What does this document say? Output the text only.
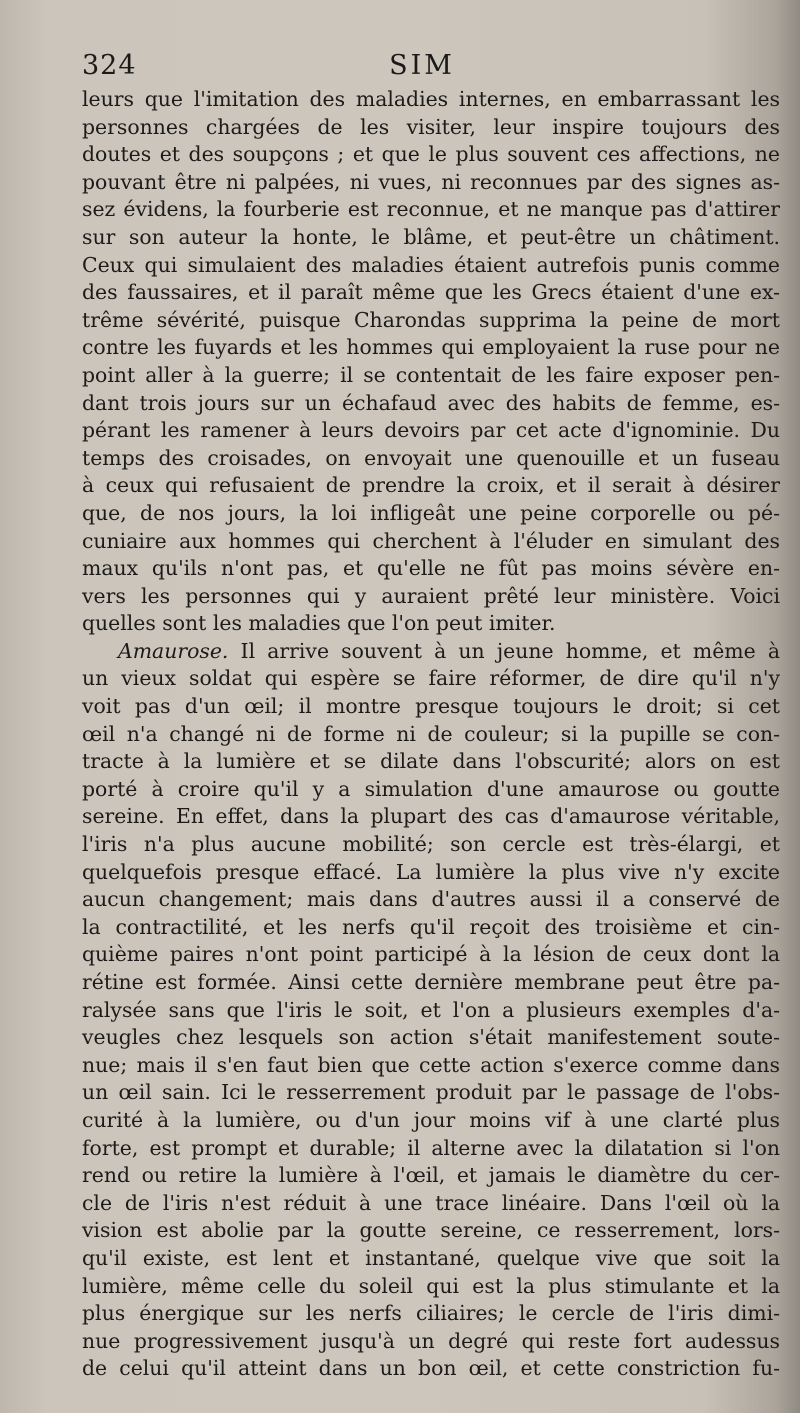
324	SIM
leurs que l'imitation des maladies internes, en embarrassant les
personnes chargées de les visiter, leur inspire toujours des
doutes et des soupçons ; et que le plus souvent ces affections, ne
pouvant être ni palpées, ni vues, ni reconnues par des signes as-
sez évidens, la fourberie est reconnue, et ne manque pas d'attirer
sur son auteur la honte, le blâme, et peut-être un châtiment.
Ceux qui simulaient des maladies étaient autrefois punis comme
des faussaires, et il paraît même que les Grecs étaient d'une ex-
trême sévérité, puisque Charondas supprima la peine de mort
contre les fuyards et les hommes qui employaient la ruse pour ne
point aller à la guerre; il se contentait de les faire exposer pen-
dant trois jours sur un échafaud avec des habits de femme, es-
pérant les ramener à leurs devoirs par cet acte d'ignominie. Du
temps des croisades, on envoyait une quenouille et un fuseau
à ceux qui refusaient de prendre la croix, et il serait à désirer
que, de nos jours, la loi infligeât une peine corporelle ou pé-
cuniaire aux hommes qui cherchent à l'éluder en simulant des
maux qu'ils n'ont pas, et qu'elle ne fût pas moins sévère en-
vers les personnes qui y auraient prêté leur ministère. Voici
quelles sont les maladies que l'on peut imiter.
Amaurose. Il arrive souvent à un jeune homme, et même à
un vieux soldat qui espère se faire réformer, de dire qu'il n'y
voit pas d'un œil; il montre presque toujours le droit; si cet
œil n'a changé ni de forme ni de couleur; si la pupille se con-
tracte à la lumière et se dilate dans l'obscurité; alors on est
porté à croire qu'il y a simulation d'une amaurose ou goutte
sereine. En effet, dans la plupart des cas d'amaurose véritable,
l'iris n'a plus aucune mobilité; son cercle est très-élargi, et
quelquefois presque effacé. La lumière la plus vive n'y excite
aucun changement; mais dans d'autres aussi il a conservé de
la contractilité, et les nerfs qu'il reçoit des troisième et cin-
quième paires n'ont point participé à la lésion de ceux dont la
rétine est formée. Ainsi cette dernière membrane peut être pa-
ralysée sans que l'iris le soit, et l'on a plusieurs exemples d'a-
veugles chez lesquels son action s'était manifestement soute-
nue; mais il s'en faut bien que cette action s'exerce comme dans
un œil sain. Ici le resserrement produit par le passage de l'obs-
curité à la lumière, ou d'un jour moins vif à une clarté plus
forte, est prompt et durable; il alterne avec la dilatation si l'on
rend ou retire la lumière à l'œil, et jamais le diamètre du cer-
cle de l'iris n'est réduit à une trace linéaire. Dans l'œil où la
vision est abolie par la goutte sereine, ce resserrement, lors-
qu'il existe, est lent et instantané, quelque vive que soit la
lumière, même celle du soleil qui est la plus stimulante et la
plus énergique sur les nerfs ciliaires; le cercle de l'iris dimi-
nue progressivement jusqu'à un degré qui reste fort audessus
de celui qu'il atteint dans un bon œil, et cette constriction fu-
